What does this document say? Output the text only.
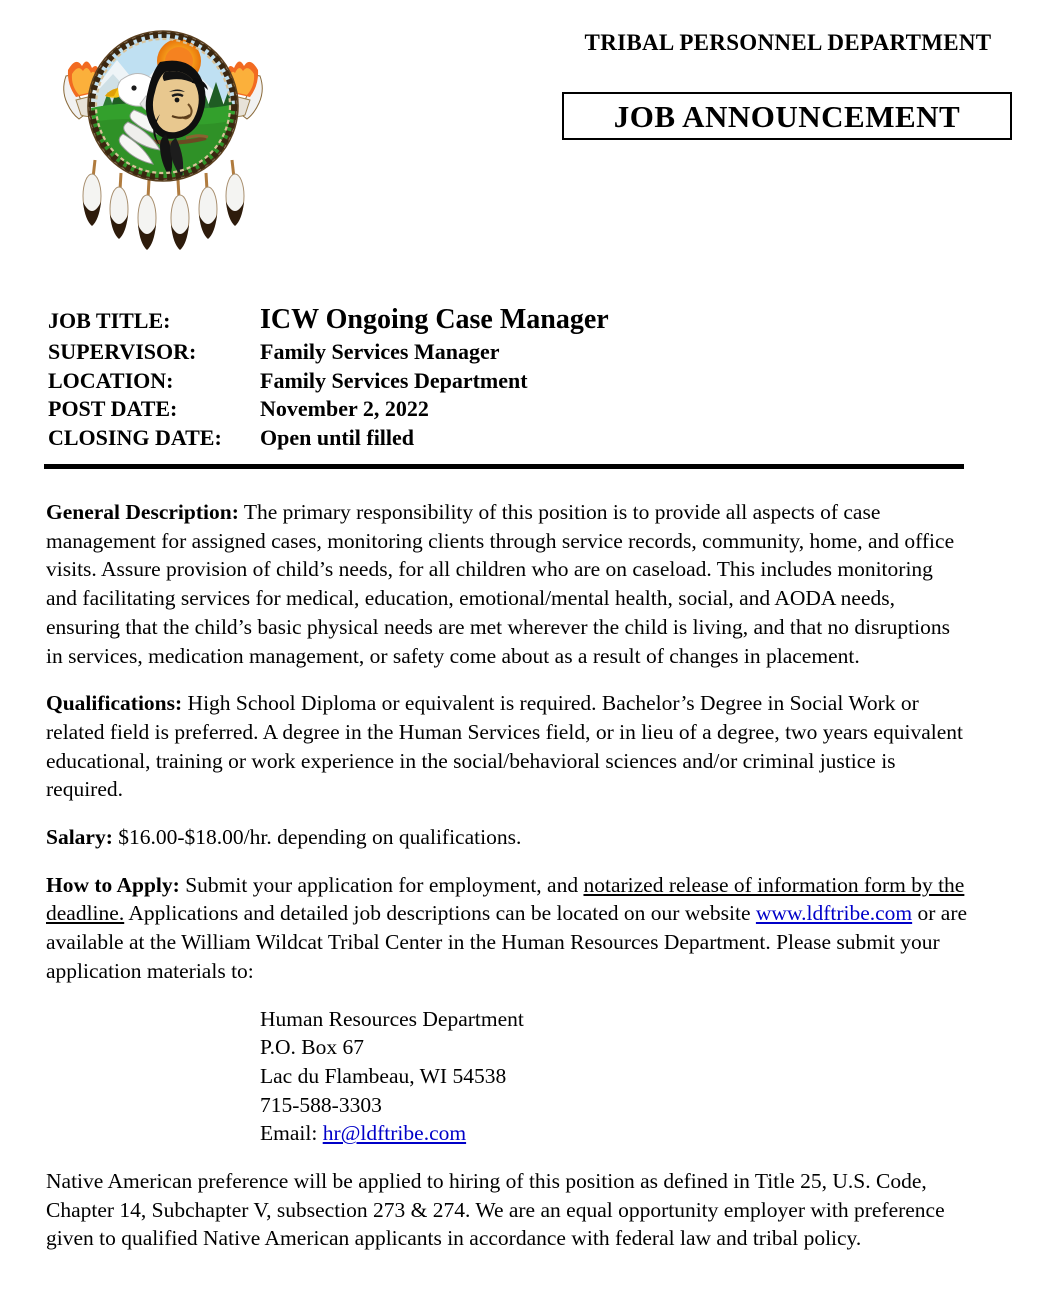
TRIBAL PERSONNEL DEPARTMENT
JOB ANNOUNCEMENT
JOB TITLE:	ICW Ongoing Case Manager
SUPERVISOR:	Family Services Manager
LOCATION:	Family Services Department
POST DATE:	November 2, 2022
CLOSING DATE:	Open until filled

General Description: The primary responsibility of this position is to provide all aspects of case management for assigned cases, monitoring clients through service records, community, home, and office visits. Assure provision of child’s needs, for all children who are on caseload. This includes monitoring and facilitating services for medical, education, emotional/mental health, social, and AODA needs, ensuring that the child’s basic physical needs are met wherever the child is living, and that no disruptions in services, medication management, or safety come about as a result of changes in placement.

Qualifications: High School Diploma or equivalent is required. Bachelor’s Degree in Social Work or related field is preferred. A degree in the Human Services field, or in lieu of a degree, two years equivalent educational, training or work experience in the social/behavioral sciences and/or criminal justice is required.

Salary: $16.00-$18.00/hr. depending on qualifications.

How to Apply: Submit your application for employment, and notarized release of information form by the deadline. Applications and detailed job descriptions can be located on our website www.ldftribe.com or are available at the William Wildcat Tribal Center in the Human Resources Department. Please submit your application materials to:

Human Resources Department
P.O. Box 67
Lac du Flambeau, WI 54538
715-588-3303
Email: hr@ldftribe.com

Native American preference will be applied to hiring of this position as defined in Title 25, U.S. Code, Chapter 14, Subchapter V, subsection 273 & 274. We are an equal opportunity employer with preference given to qualified Native American applicants in accordance with federal law and tribal policy.
